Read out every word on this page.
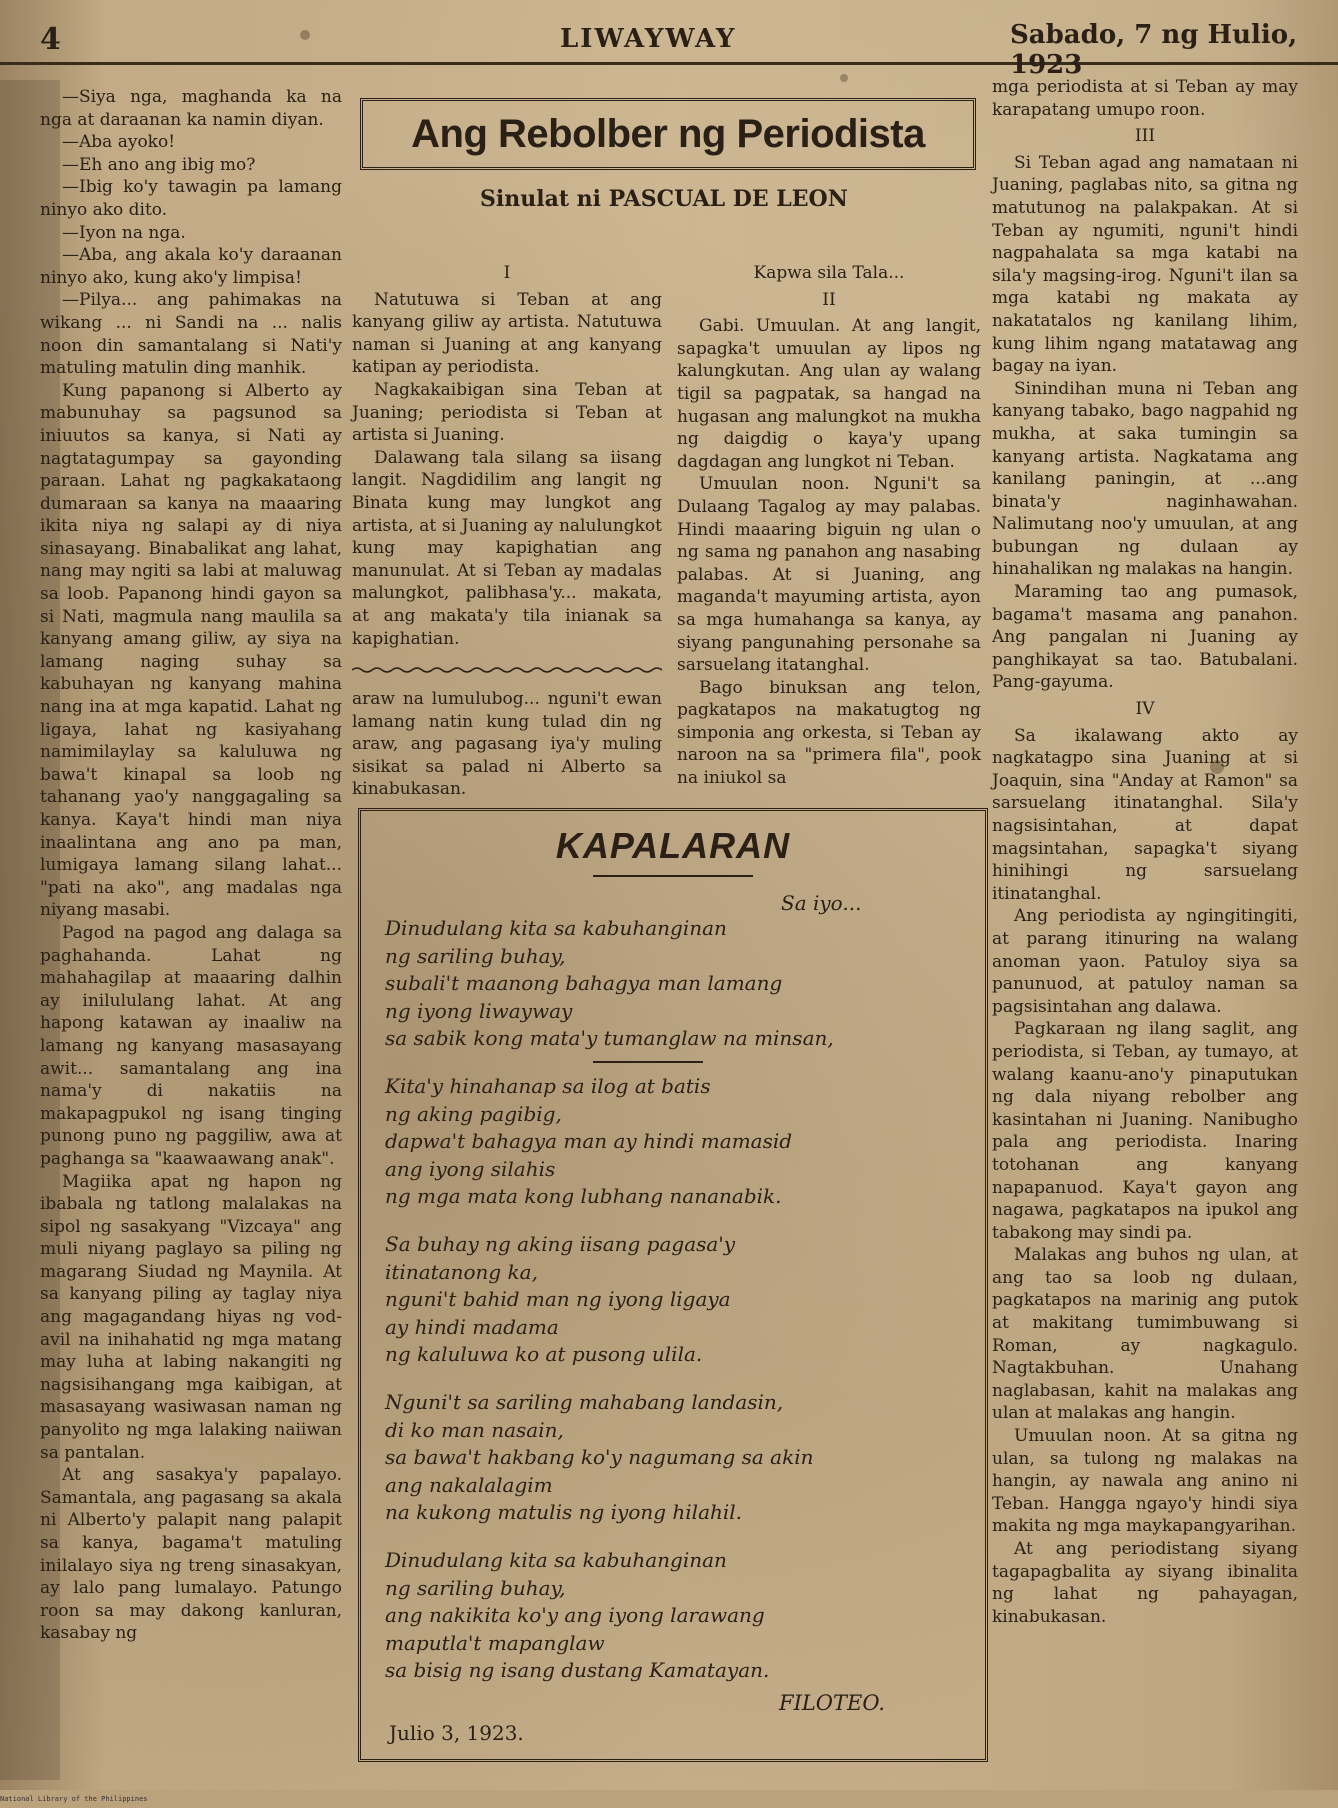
4	LIWAYWAY	Sabado, 7 ng Hulio, 1923

—Siya nga, maghanda ka na nga at daraanan ka namin diyan.

—Aba ayoko!

—Eh ano ang ibig mo?

—Ibig ko'y tawagin pa lamang ninyo ako dito.

—Iyon na nga.

—Aba, ang akala ko'y daraanan ninyo ako, kung ako'y limpisa!

—Pilya... ang pahimakas na wikang ... ni Sandi na ... nalis noon din samantalang si Nati'y matuling matulin ding manhik.

Kung papanong si Alberto ay mabunuhay sa pagsunod sa iniuutos sa kanya, si Nati ay nagtatagumpay sa gayonding paraan. Lahat ng pagkakataong dumaraan sa kanya na maaaring ikita niya ng salapi ay di niya sinasayang. Binabalikat ang lahat, nang may ngiti sa labi at maluwag sa loob. Papanong hindi gayon sa si Nati, magmula nang maulila sa kanyang amang giliw, ay siya na lamang naging suhay sa kabuhayan ng kanyang mahina nang ina at mga kapatid. Lahat ng ligaya, lahat ng kasiyahang namimilaylay sa kaluluwa ng bawa't kinapal sa loob ng tahanang yao'y nanggagaling sa kanya. Kaya't hindi man niya inaalintana ang ano pa man, lumigaya lamang silang lahat... "pati na ako", ang madalas nga niyang masabi.

Pagod na pagod ang dalaga sa paghahanda. Lahat ng mahahagilap at maaaring dalhin ay inilululang lahat. At ang hapong katawan ay inaaliw na lamang ng kanyang masasayang awit... samantalang ang ina nama'y di nakatiis na makapagpukol ng isang tinging punong puno ng paggiliw, awa at paghanga sa "kaawaawang anak".

Magiika apat ng hapon ng ibabala ng tatlong malalakas na sipol ng sasakyang "Vizcaya" ang muli niyang paglayo sa piling ng magarang Siudad ng Maynila. At sa kanyang piling ay taglay niya ang magagandang hiyas ng vod-avil na inihahatid ng mga matang may luha at labing nakangiti ng nagsisihangang mga kaibigan, at masasayang wasiwasan naman ng panyolito ng mga lalaking naiiwan sa pantalan.

At ang sasakya'y papalayo. Samantala, ang pagasang sa akala ni Alberto'y palapit nang palapit sa kanya, bagama't matuling inilalayo siya ng treng sinasakyan, ay lalo pang lumalayo. Patungo roon sa may dakong kanluran, kasabay ng

Ang Rebolber ng Periodista
Sinulat ni PASCUAL DE LEON

I

Natutuwa si Teban at ang kanyang giliw ay artista. Natutuwa naman si Juaning at ang kanyang katipan ay periodista.

Nagkakaibigan sina Teban at Juaning; periodista si Teban at artista si Juaning.

Dalawang tala silang sa iisang langit. Nagdidilim ang langit ng Binata kung may lungkot ang artista, at si Juaning ay nalulungkot kung may kapighatian ang manunulat. At si Teban ay madalas malungkot, palibhasa'y... makata, at ang makata'y tila inianak sa kapighatian.

araw na lumulubog... nguni't ewan lamang natin kung tulad din ng araw, ang pagasang iya'y muling sisikat sa palad ni Alberto sa kinabukasan.

Kapwa sila Tala...

II

Gabi. Umuulan. At ang langit, sapagka't umuulan ay lipos ng kalungkutan. Ang ulan ay walang tigil sa pagpatak, sa hangad na hugasan ang malungkot na mukha ng daigdig o kaya'y upang dagdagan ang lungkot ni Teban.

Umuulan noon. Nguni't sa Dulaang Tagalog ay may palabas. Hindi maaaring biguin ng ulan o ng sama ng panahon ang nasabing palabas. At si Juaning, ang maganda't mayuming artista, ayon sa mga humahanga sa kanya, ay siyang pangunahing personahe sa sarsuelang itatanghal.

Bago binuksan ang telon, pagkatapos na makatugtog ng simponia ang orkesta, si Teban ay naroon na sa "primera fila", pook na iniukol sa

mga periodista at si Teban ay may karapatang umupo roon.

III

Si Teban agad ang namataan ni Juaning, paglabas nito, sa gitna ng matutunog na palakpakan. At si Teban ay ngumiti, nguni't hindi nagpahalata sa mga katabi na sila'y magsing-irog. Nguni't ilan sa mga katabi ng makata ay nakatatalos ng kanilang lihim, kung lihim ngang matatawag ang bagay na iyan.

Sinindihan muna ni Teban ang kanyang tabako, bago nagpahid ng mukha, at saka tumingin sa kanyang artista. Nagkatama ang kanilang paningin, at ...ang binata'y naginhawahan. Nalimutang noo'y umuulan, at ang bubungan ng dulaan ay hinahalikan ng malakas na hangin.

Maraming tao ang pumasok, bagama't masama ang panahon. Ang pangalan ni Juaning ay panghikayat sa tao. Batubalani. Pang-gayuma.

IV

Sa ikalawang akto ay nagkatagpo sina Juaning at si Joaquin, sina "Anday at Ramon" sa sarsuelang itinatanghal. Sila'y nagsisintahan, at dapat magsintahan, sapagka't siyang hinihingi ng sarsuelang itinatanghal.

Ang periodista ay ngingitingiti, at parang itinuring na walang anoman yaon. Patuloy siya sa panunuod, at patuloy naman sa pagsisintahan ang dalawa.

Pagkaraan ng ilang saglit, ang periodista, si Teban, ay tumayo, at walang kaanu-ano'y pinaputukan ng dala niyang rebolber ang kasintahan ni Juaning. Nanibugho pala ang periodista. Inaring totohanan ang kanyang napapanuod. Kaya't gayon ang nagawa, pagkatapos na ipukol ang tabakong may sindi pa.

Malakas ang buhos ng ulan, at ang tao sa loob ng dulaan, pagkatapos na marinig ang putok at makitang tumimbuwang si Roman, ay nagkagulo. Nagtakbuhan. Unahang naglabasan, kahit na malakas ang ulan at malakas ang hangin.

Umuulan noon. At sa gitna ng ulan, sa tulong ng malakas na hangin, ay nawala ang anino ni Teban. Hangga ngayo'y hindi siya makita ng mga maykapangyarihan.

At ang periodistang siyang tagapagbalita ay siyang ibinalita ng lahat ng pahayagan, kinabukasan.

KAPALARAN
Sa iyo...
Dinudulang kita sa kabuhanginan
ng sariling buhay,
subali't maanong bahagya man lamang
ng iyong liwayway
sa sabik kong mata'y tumanglaw na minsan,
Kita'y hinahanap sa ilog at batis
ng aking pagibig,
dapwa't bahagya man ay hindi mamasid
ang iyong silahis
ng mga mata kong lubhang nananabik.
Sa buhay ng aking iisang pagasa'y
itinatanong ka,
nguni't bahid man ng iyong ligaya
ay hindi madama
ng kaluluwa ko at pusong ulila.
Nguni't sa sariling mahabang landasin,
di ko man nasain,
sa bawa't hakbang ko'y nagumang sa akin
ang nakalalagim
na kukong matulis ng iyong hilahil.
Dinudulang kita sa kabuhanginan
ng sariling buhay,
ang nakikita ko'y ang iyong larawang
maputla't mapanglaw
sa bisig ng isang dustang Kamatayan.
FILOTEO.
Julio 3, 1923.
National Library of the Philippines
